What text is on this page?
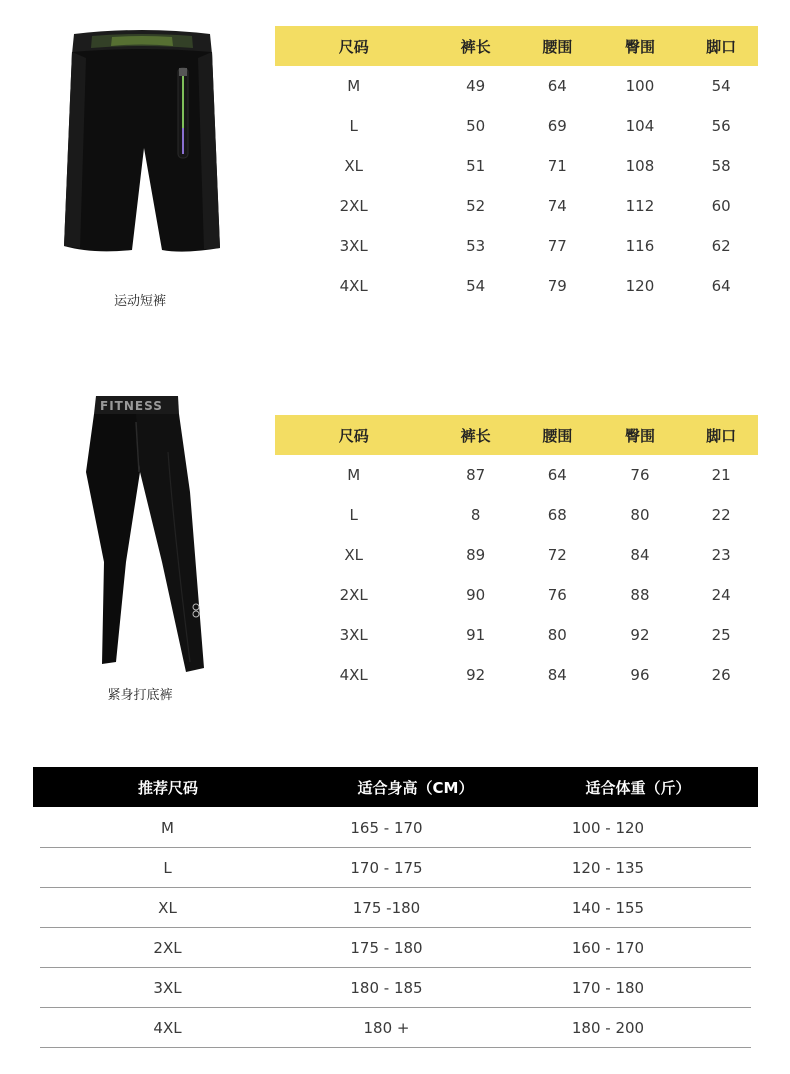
运动短裤
尺码	裤长	腰围	臀围	脚口
M	49	64	100	54
L	50	69	104	56
XL	51	71	108	58
2XL	52	74	112	60
3XL	53	77	116	62
4XL	54	79	120	64
FITNESS
紧身打底裤
尺码	裤长	腰围	臀围	脚口
M	87	64	76	21
L	8	68	80	22
XL	89	72	84	23
2XL	90	76	88	24
3XL	91	80	92	25
4XL	92	84	96	26
推荐尺码	适合身高（CM）	适合体重（斤）
M	165 - 170	100 - 120
L	170 - 175	120 - 135
XL	175 -180	140 - 155
2XL	175 - 180	160 - 170
3XL	180 - 185	170 - 180
4XL	180 +	180 - 200
